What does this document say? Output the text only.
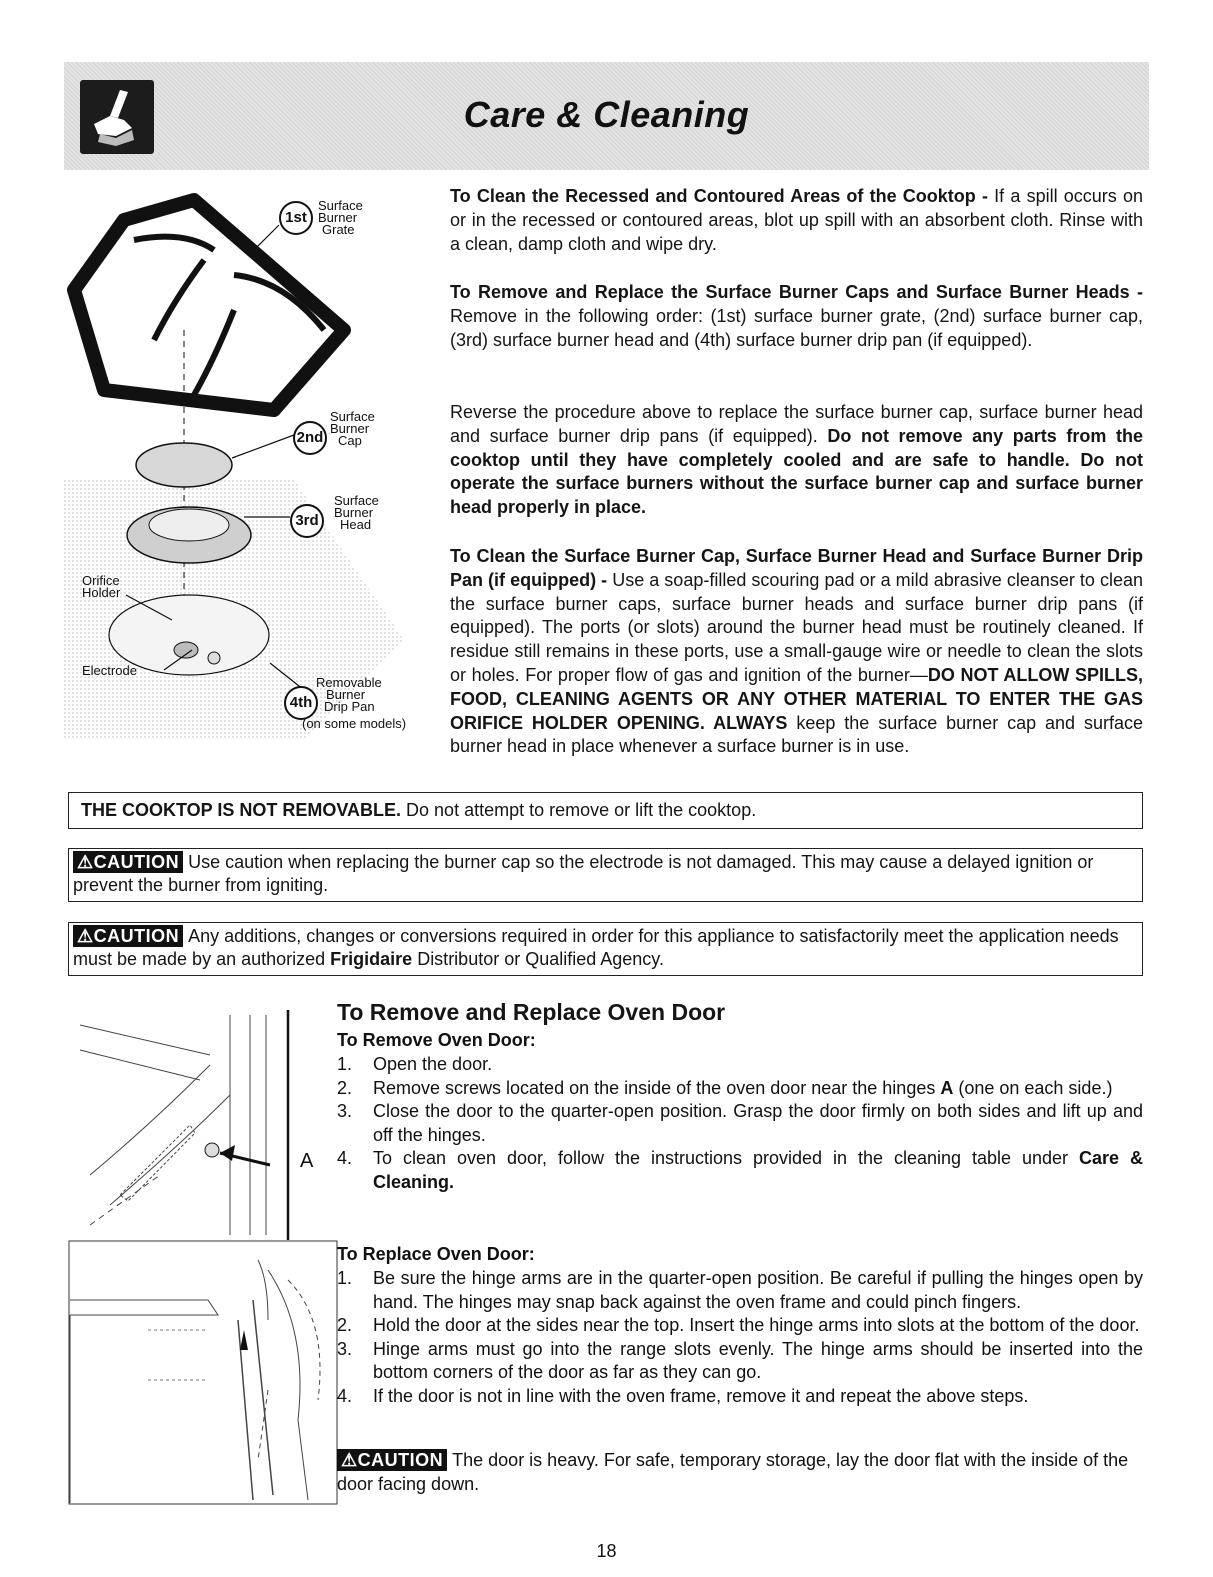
Care & Cleaning
1st
Surface
Burner
Grate
2nd
Surface
Burner
Cap
3rd
Surface
Burner
Head
4th
Removable
Burner
Drip Pan
(on some models)
Orifice
Holder
Electrode
To Clean the Recessed and Contoured Areas of the Cooktop - If a spill occurs on or in the recessed or contoured areas, blot up spill with an absorbent cloth. Rinse with a clean, damp cloth and wipe dry.
To Remove and Replace the Surface Burner Caps and Surface Burner Heads - Remove in the following order: (1st) surface burner grate, (2nd) surface burner cap, (3rd) surface burner head and (4th) surface burner drip pan (if equipped).
Reverse the procedure above to replace the surface burner cap, surface burner head and surface burner drip pans (if equipped). Do not remove any parts from the cooktop until they have completely cooled and are safe to handle. Do not operate the surface burners without the surface burner cap and surface burner head properly in place.
To Clean the Surface Burner Cap, Surface Burner Head and Surface Burner Drip Pan (if equipped) - Use a soap-filled scouring pad or a mild abrasive cleanser to clean the surface burner caps, surface burner heads and surface burner drip pans (if equipped). The ports (or slots) around the burner head must be routinely cleaned. If residue still remains in these ports, use a small-gauge wire or needle to clean the slots or holes. For proper flow of gas and ignition of the burner—DO NOT ALLOW SPILLS, FOOD, CLEANING AGENTS OR ANY OTHER MATERIAL TO ENTER THE GAS ORIFICE HOLDER OPENING. ALWAYS keep the surface burner cap and surface burner head in place whenever a surface burner is in use.
THE COOKTOP IS NOT REMOVABLE. Do not attempt to remove or lift the cooktop.
⚠CAUTION Use caution when replacing the burner cap so the electrode is not damaged. This may cause a delayed ignition or prevent the burner from igniting.
⚠CAUTION Any additions, changes or conversions required in order for this appliance to satisfactorily meet the application needs must be made by an authorized Frigidaire Distributor or Qualified Agency.
A
To Remove and Replace Oven Door
To Remove Oven Door:
1. Open the door.
2. Remove screws located on the inside of the oven door near the hinges A (one on each side.)
3. Close the door to the quarter-open position. Grasp the door firmly on both sides and lift up and off the hinges.
4. To clean oven door, follow the instructions provided in the cleaning table under Care & Cleaning.
To Replace Oven Door:
1. Be sure the hinge arms are in the quarter-open position. Be careful if pulling the hinges open by hand. The hinges may snap back against the oven frame and could pinch fingers.
2. Hold the door at the sides near the top. Insert the hinge arms into slots at the bottom of the door.
3. Hinge arms must go into the range slots evenly. The hinge arms should be inserted into the bottom corners of the door as far as they can go.
4. If the door is not in line with the oven frame, remove it and repeat the above steps.
⚠CAUTION The door is heavy. For safe, temporary storage, lay the door flat with the inside of the door facing down.
18
